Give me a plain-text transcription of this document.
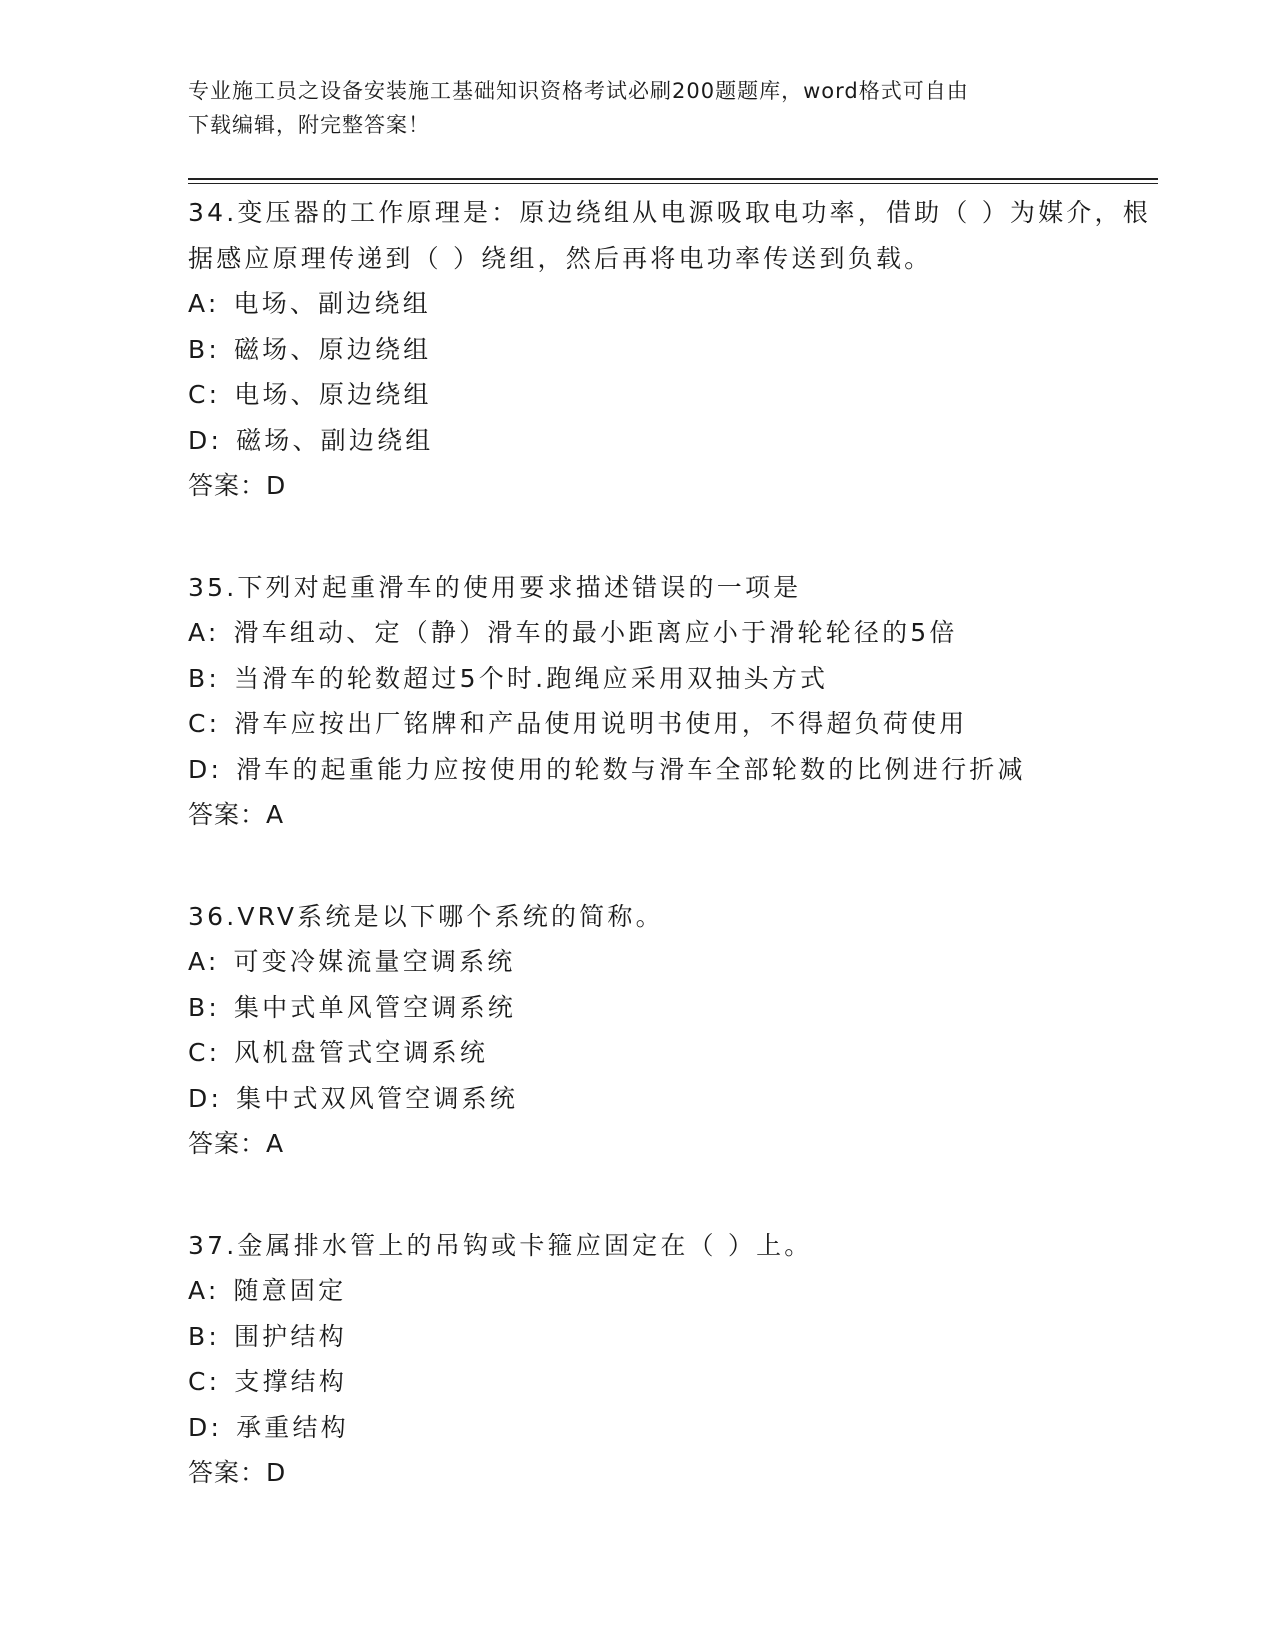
专业施工员之设备安装施工基础知识资格考试必刷200题题库，word格式可自由
下载编辑，附完整答案！

34.变压器的工作原理是：原边绕组从电源吸取电功率，借助（ ）为媒介，根据感应原理传递到（ ）绕组，然后再将电功率传送到负载。

A: 电场、副边绕组

B: 磁场、原边绕组

C: 电场、原边绕组

D: 磁场、副边绕组

答案：D

35.下列对起重滑车的使用要求描述错误的一项是

A: 滑车组动、定（静）滑车的最小距离应小于滑轮轮径的5倍

B: 当滑车的轮数超过5个时.跑绳应采用双抽头方式

C: 滑车应按出厂铭牌和产品使用说明书使用，不得超负荷使用

D: 滑车的起重能力应按使用的轮数与滑车全部轮数的比例进行折减

答案：A

36.VRV系统是以下哪个系统的简称。

A: 可变冷媒流量空调系统

B: 集中式单风管空调系统

C: 风机盘管式空调系统

D: 集中式双风管空调系统

答案：A

37.金属排水管上的吊钩或卡箍应固定在（ ）上。

A: 随意固定

B: 围护结构

C: 支撑结构

D: 承重结构

答案：D
